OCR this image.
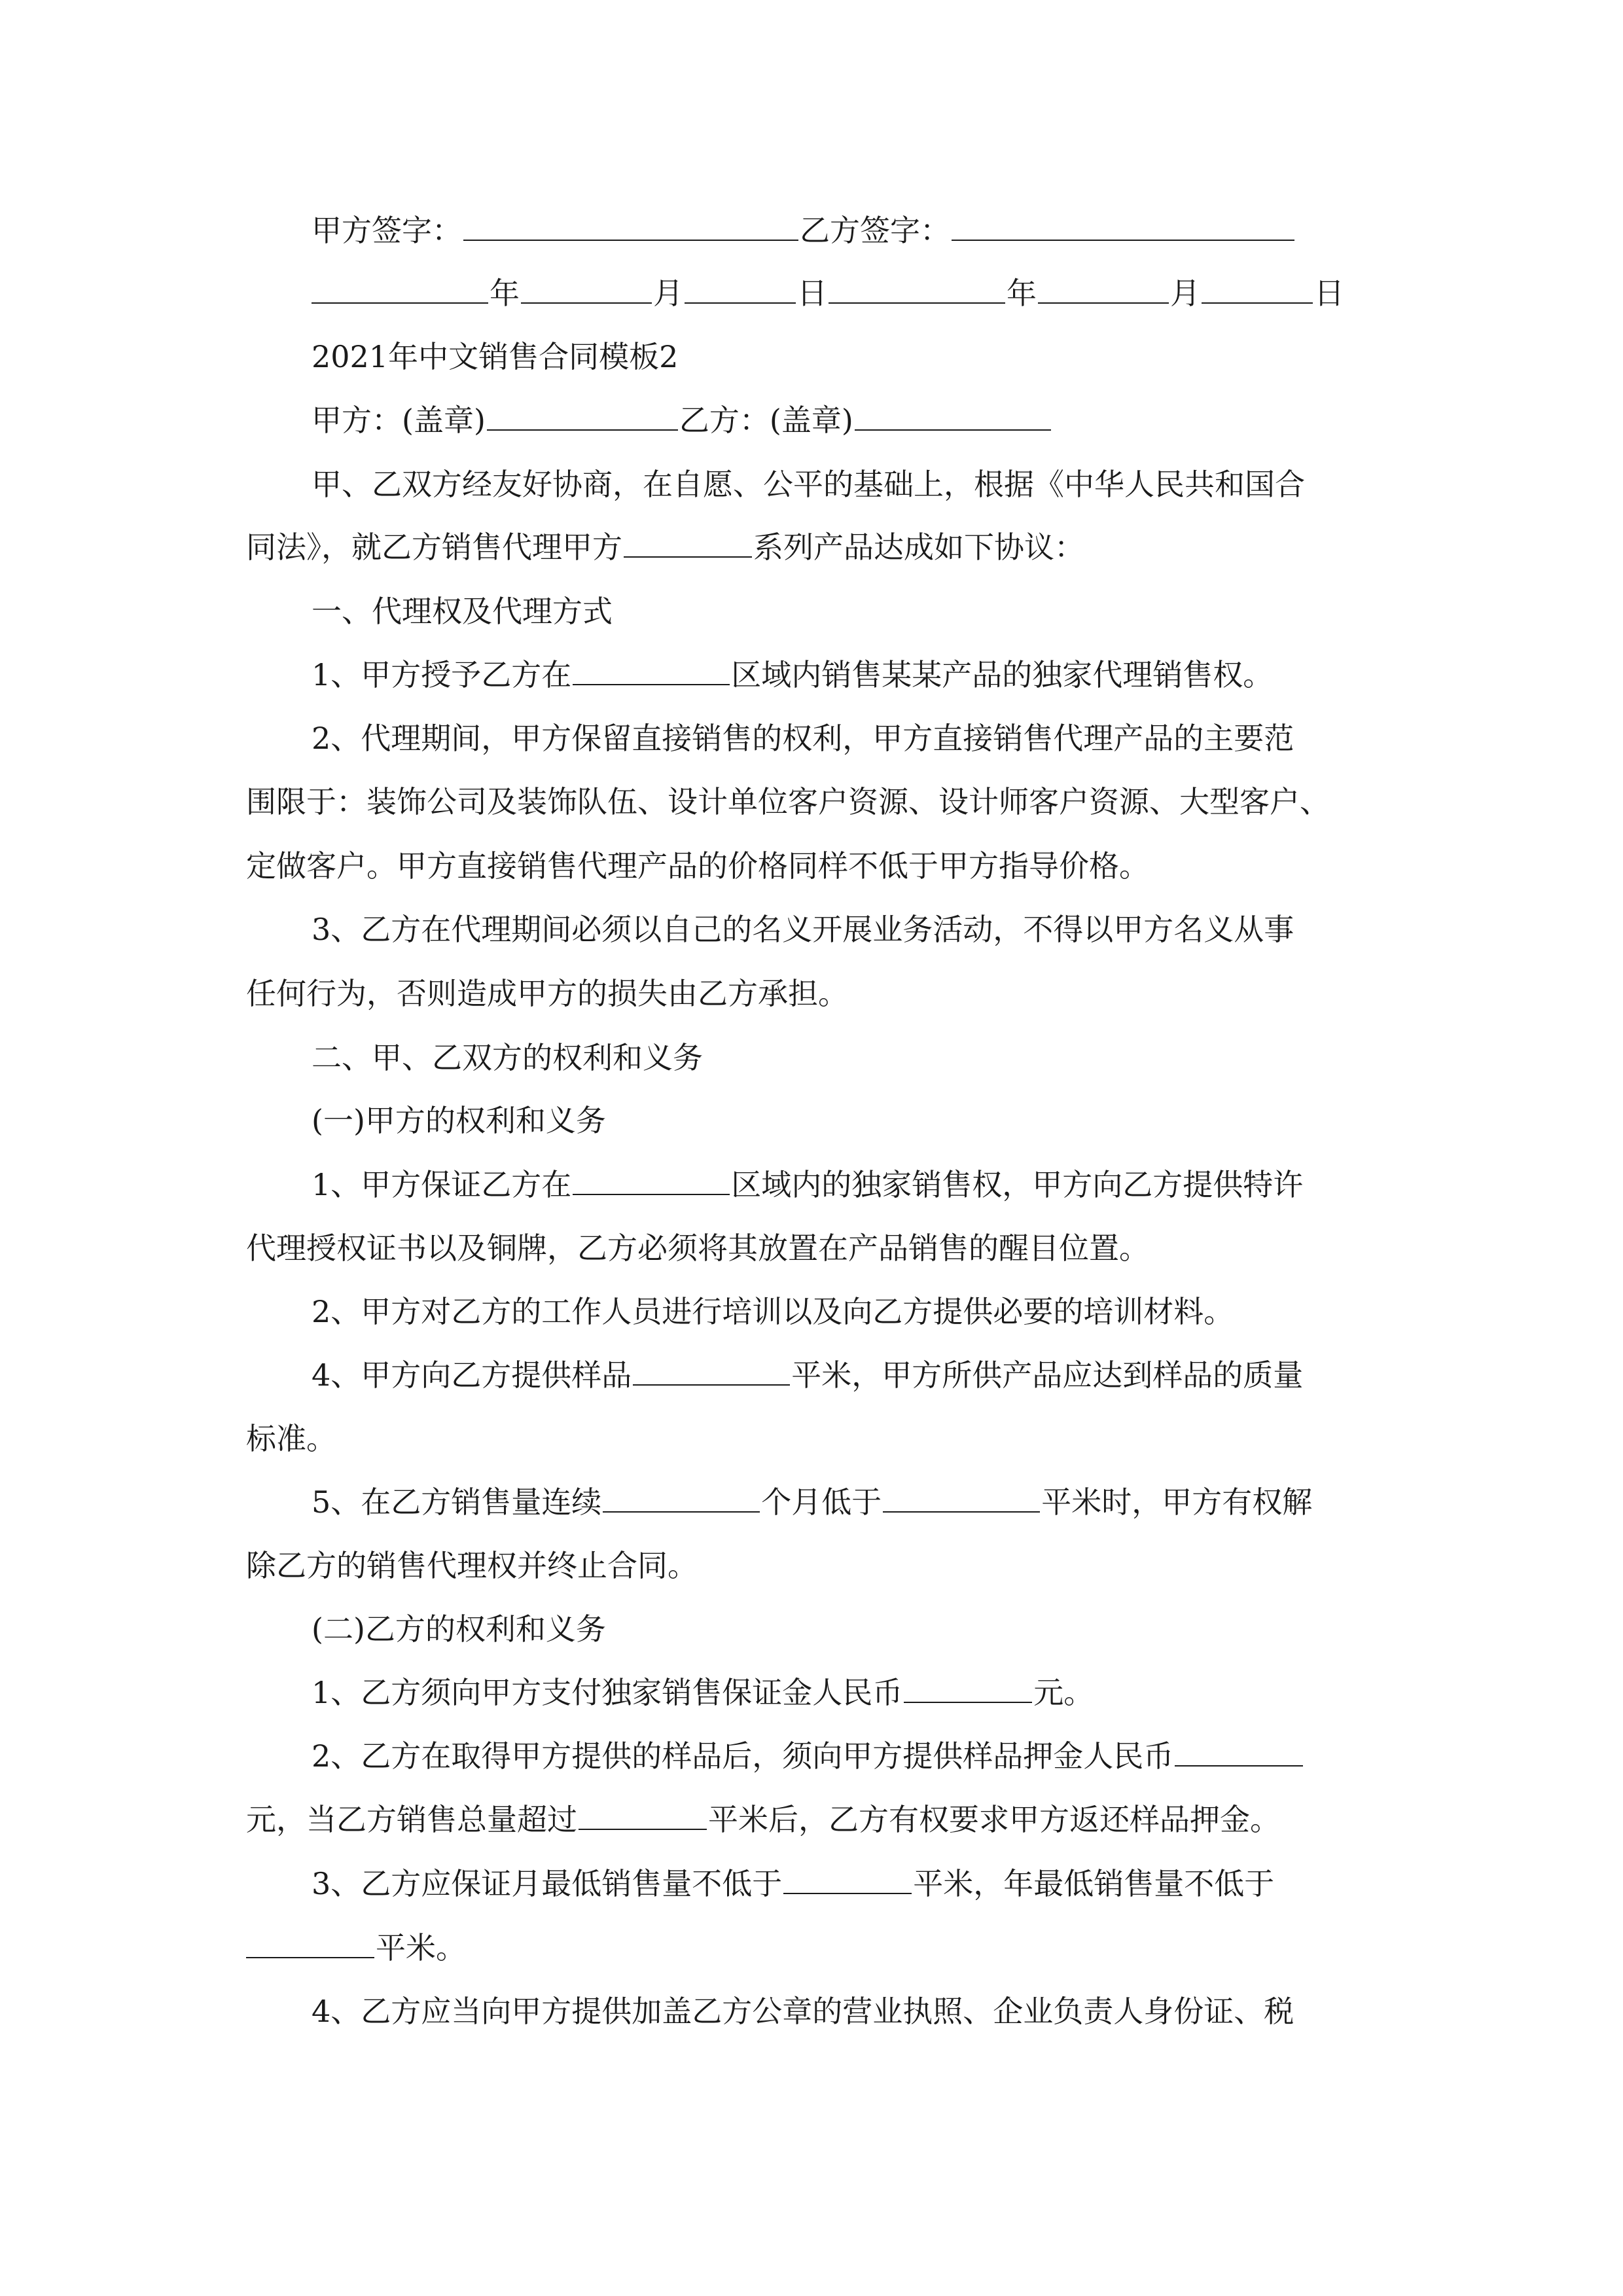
甲方签字：	乙方签字：
年	月	日	年	月	日
2021年中文销售合同模板2
甲方：(盖章)	乙方：(盖章)
甲、乙双方经友好协商，在自愿、公平的基础上，根据《中华人民共和国合
同法》，就乙方销售代理甲方	系列产品达成如下协议：
一、代理权及代理方式
1、甲方授予乙方在	区域内销售某某产品的独家代理销售权。
2、代理期间，甲方保留直接销售的权利，甲方直接销售代理产品的主要范
围限于：装饰公司及装饰队伍、设计单位客户资源、设计师客户资源、大型客户、
定做客户。甲方直接销售代理产品的价格同样不低于甲方指导价格。
3、乙方在代理期间必须以自己的名义开展业务活动，不得以甲方名义从事
任何行为，否则造成甲方的损失由乙方承担。
二、甲、乙双方的权利和义务
(一)甲方的权利和义务
1、甲方保证乙方在	区域内的独家销售权，甲方向乙方提供特许
代理授权证书以及铜牌，乙方必须将其放置在产品销售的醒目位置。
2、甲方对乙方的工作人员进行培训以及向乙方提供必要的培训材料。
4、甲方向乙方提供样品	平米，甲方所供产品应达到样品的质量
标准。
5、在乙方销售量连续	个月低于	平米时，甲方有权解
除乙方的销售代理权并终止合同。
(二)乙方的权利和义务
1、乙方须向甲方支付独家销售保证金人民币	元。
2、乙方在取得甲方提供的样品后，须向甲方提供样品押金人民币
元，当乙方销售总量超过	平米后，乙方有权要求甲方返还样品押金。
3、乙方应保证月最低销售量不低于	平米，年最低销售量不低于
平米。
4、乙方应当向甲方提供加盖乙方公章的营业执照、企业负责人身份证、税
